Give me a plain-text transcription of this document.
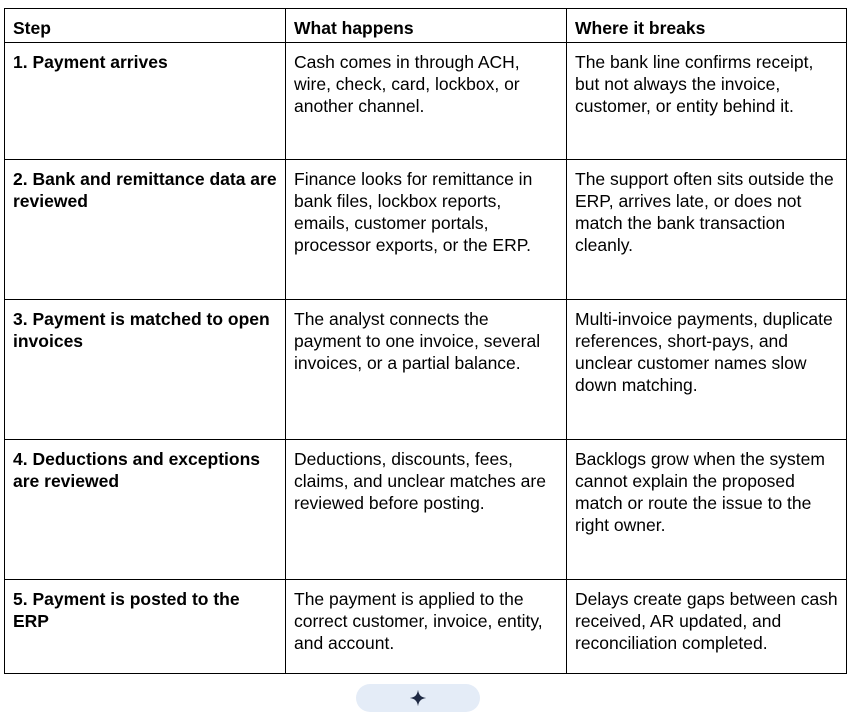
Step	What happens	Where it breaks
1. Payment arrives	Cash comes in through ACH, wire, check, card, lockbox, or another channel.	The bank line confirms receipt, but not always the invoice, customer, or entity behind it.
2. Bank and remittance data are reviewed	Finance looks for remittance in bank files, lockbox reports, emails, customer portals, processor exports, or the ERP.	The support often sits outside the ERP, arrives late, or does not match the bank transaction cleanly.
3. Payment is matched to open invoices	The analyst connects the payment to one invoice, several invoices, or a partial balance.	Multi-invoice payments, duplicate references, short-pays, and unclear customer names slow down matching.
4. Deductions and exceptions are reviewed	Deductions, discounts, fees, claims, and unclear matches are reviewed before posting.	Backlogs grow when the system cannot explain the proposed match or route the issue to the right owner.
5. Payment is posted to the ERP	The payment is applied to the correct customer, invoice, entity, and account.	Delays create gaps between cash received, AR updated, and reconciliation completed.
